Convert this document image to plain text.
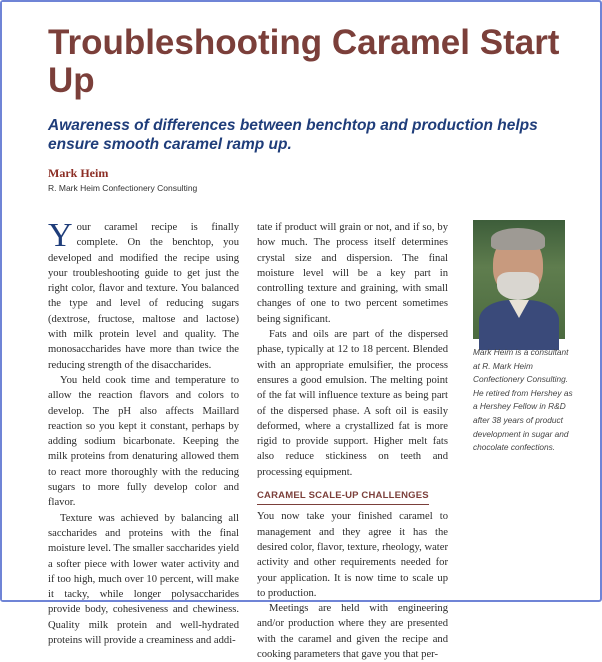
Troubleshooting Caramel Start Up

Awareness of differences between benchtop and production helps ensure smooth caramel ramp up.

Mark Heim
R. Mark Heim Confectionery Consulting

Your caramel recipe is finally complete. On the benchtop, you developed and modified the recipe using your troubleshooting guide to get just the right color, flavor and texture. You balanced the type and level of reducing sugars (dextrose, fructose, maltose and lactose) with milk protein level and quality. The monosaccharides have more than twice the reducing strength of the disaccharides.

You held cook time and temperature to allow the reaction flavors and colors to develop. The pH also affects Maillard reaction so you kept it constant, perhaps by adding sodium bicarbonate. Keeping the milk proteins from denaturing allowed them to react more thoroughly with the reducing sugars to more fully develop color and flavor.

Texture was achieved by balancing all saccharides and proteins with the final moisture level. The smaller saccharides yield a softer piece with lower water activity and if too high, much over 10 percent, will make it tacky, while longer polysaccharides provide body, cohesiveness and chewiness. Quality milk protein and well-hydrated proteins will provide a creaminess and addi-

tate if product will grain or not, and if so, by how much. The process itself determines crystal size and dispersion. The final moisture level will be a key part in controlling texture and graining, with small changes of one to two percent sometimes being significant.

Fats and oils are part of the dispersed phase, typically at 12 to 18 percent. Blended with an appropriate emulsifier, the process ensures a good emulsion. The melting point of the fat will influence texture as being part of the dispersed phase. A soft oil is easily deformed, where a crystallized fat is more rigid to provide support. Higher melt fats also reduce stickiness on teeth and processing equipment.

CARAMEL SCALE-UP CHALLENGES

You now take your finished caramel to management and they agree it has the desired color, flavor, texture, rheology, water activity and other requirements needed for your application. It is now time to scale up to production.

Meetings are held with engineering and/or production where they are presented with the caramel and given the recipe and cooking parameters that gave you that per-

Mark Heim is a consultant at R. Mark Heim Confectionery Consulting. He retired from Hershey as a Hershey Fellow in R&D after 38 years of product development in sugar and chocolate confections.
